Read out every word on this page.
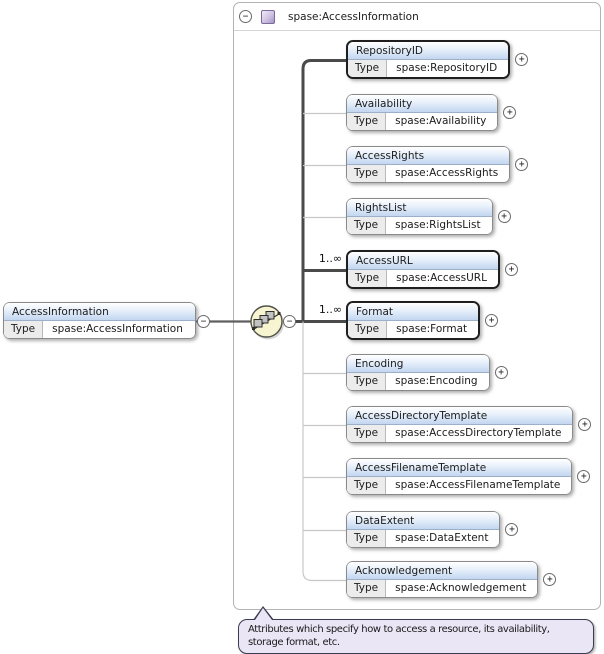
−	spase:AccessInformation
AccessInformation
Type	spase:AccessInformation
−	−
1..∞
1..∞
RepositoryID
Type	spase:RepositoryID
+
Availability
Type	spase:Availability
+
AccessRights
Type	spase:AccessRights
+
RightsList
Type	spase:RightsList
+
AccessURL
Type	spase:AccessURL
+
Format
Type	spase:Format
+
Encoding
Type	spase:Encoding
+
AccessDirectoryTemplate
Type	spase:AccessDirectoryTemplate
+
AccessFilenameTemplate
Type	spase:AccessFilenameTemplate
+
DataExtent
Type	spase:DataExtent
+
Acknowledgement
Type	spase:Acknowledgement
+
Attributes which specify how to access a resource, its availability, storage format, etc.
